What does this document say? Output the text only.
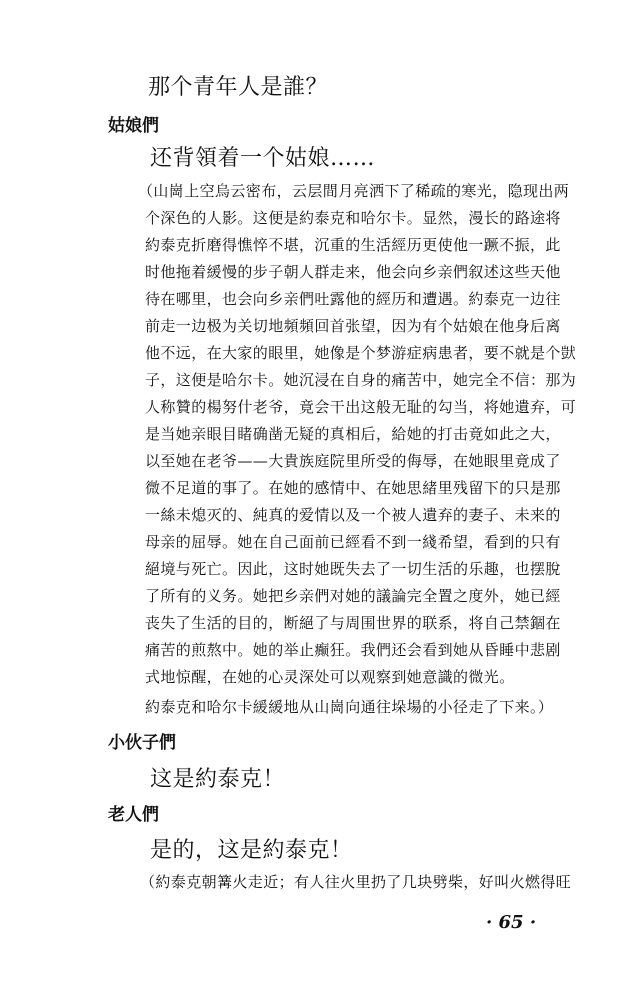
那个青年人是誰？
姑娘們
还背領着一个姑娘……
（山崗上空烏云密布，云层間月亮洒下了稀疏的寒光，隐现出两
个深色的人影。这便是約泰克和哈尔卡。显然，漫长的路途将
約泰克折磨得憔悴不堪，沉重的生活經历更使他一蹶不振，此
时他拖着緩慢的步子朝人群走来，他会向乡亲們叙述这些天他
待在哪里，也会向乡亲們吐露他的經历和遭遇。約泰克一边往
前走一边极为关切地頻頻回首张望，因为有个姑娘在他身后离
他不远，在大家的眼里，她像是个梦游症病患者，要不就是个獃
子，这便是哈尔卡。她沉浸在自身的痛苦中，她完全不信：那为
人称贊的楊努什老爷，竟会干出这般无耻的勾当，将她遺弃，可
是当她亲眼目睹确凿无疑的真相后，給她的打击竟如此之大，
以至她在老爷——大貴族庭院里所受的侮辱，在她眼里竟成了
微不足道的事了。在她的感情中、在她思緒里残留下的只是那
一絲未熄灭的、純真的爱情以及一个被人遺弃的妻子、未来的
母亲的屈辱。她在自己面前已經看不到一綫希望，看到的只有
絕境与死亡。因此，这时她既失去了一切生活的乐趣，也摆脫
了所有的义务。她把乡亲們对她的議論完全置之度外，她已經
丧失了生活的目的，断絕了与周围世界的联系，将自己禁錮在
痛苦的煎熬中。她的举止癫狂。我們还会看到她从昏睡中悲剧
式地惊醒，在她的心灵深处可以观察到她意識的微光。
約泰克和哈尔卡緩緩地从山崗向通往垛場的小径走了下来。）
小伙子們
这是約泰克！
老人們
是的，这是約泰克！
（約泰克朝篝火走近；有人往火里扔了几块劈柴，好叫火燃得旺
· 65 ·
